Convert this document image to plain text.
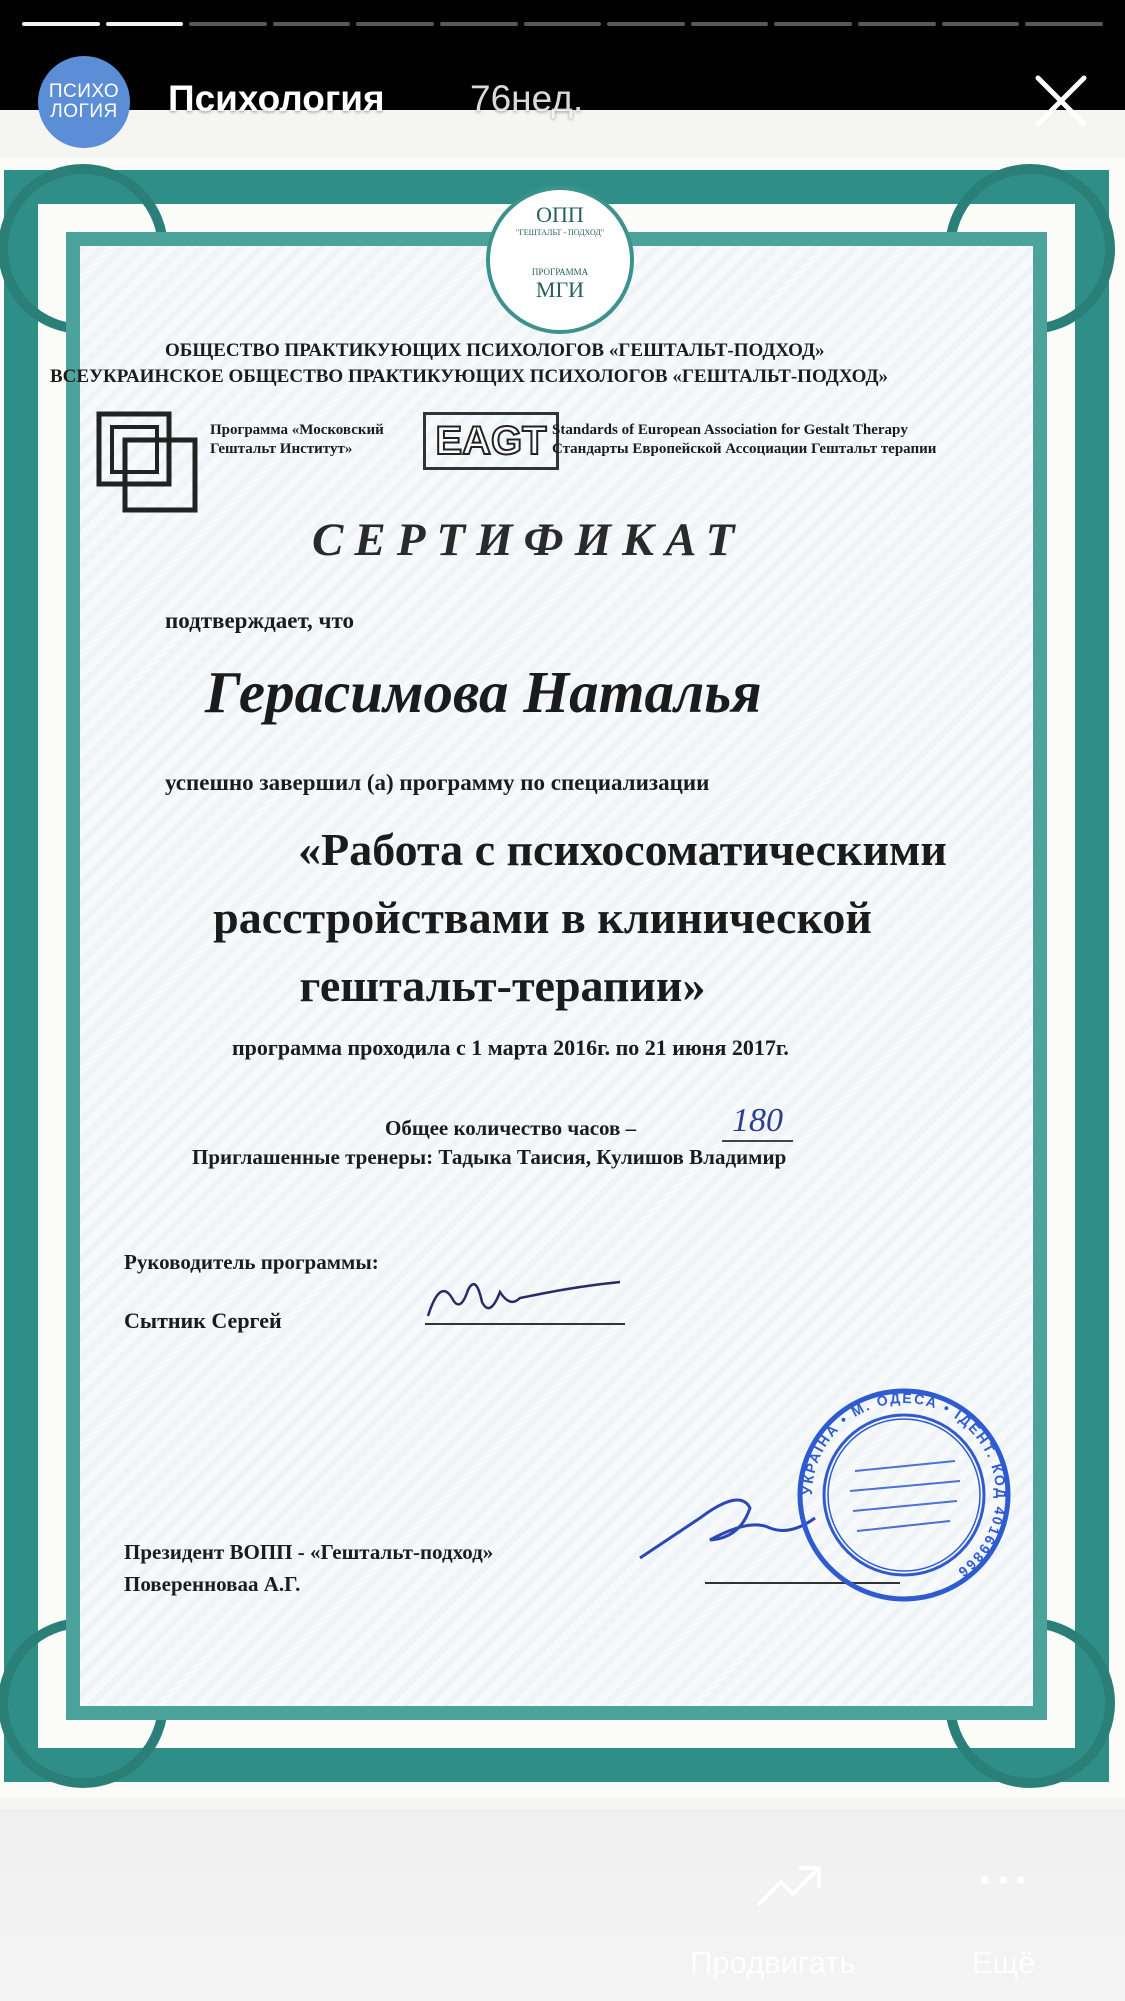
ПСИХО
ЛОГИЯ Психология 76нед.
ОПП
"ГЕШТАЛЬТ - ПОДХОД"
ПРОГРАММА
МГИ
ОБЩЕСТВО ПРАКТИКУЮЩИХ ПСИХОЛОГОВ «ГЕШТАЛЬТ-ПОДХОД»
ВСЕУКРАИНСКОЕ ОБЩЕСТВО ПРАКТИКУЮЩИХ ПСИХОЛОГОВ «ГЕШТАЛЬТ-ПОДХОД»
Программа «Московский
Гештальт Институт»	EAGT Standards of European Association for Gestalt Therapy
Стандарты Европейской Ассоциации Гештальт терапии
СЕРТИФИКАТ
подтверждает, что
Герасимова Наталья
успешно завершил (а) программу по специализации
«Работа с психосоматическими
расстройствами в клинической
гештальт-терапии»
программа проходила с 1 марта 2016г. по 21 июня 2017г.
Общее количество часов –	180
Приглашенные тренеры: Тадыка Таисия, Кулишов Владимир
Руководитель программы:
Сытник Сергей
Президент ВОПП - «Гештальт-подход»
Поверенноваа А.Г.
УКРАЇНА • М. ОДЕСА • ІДЕНТ. КОД 40169866
Продвигать	Ещё
